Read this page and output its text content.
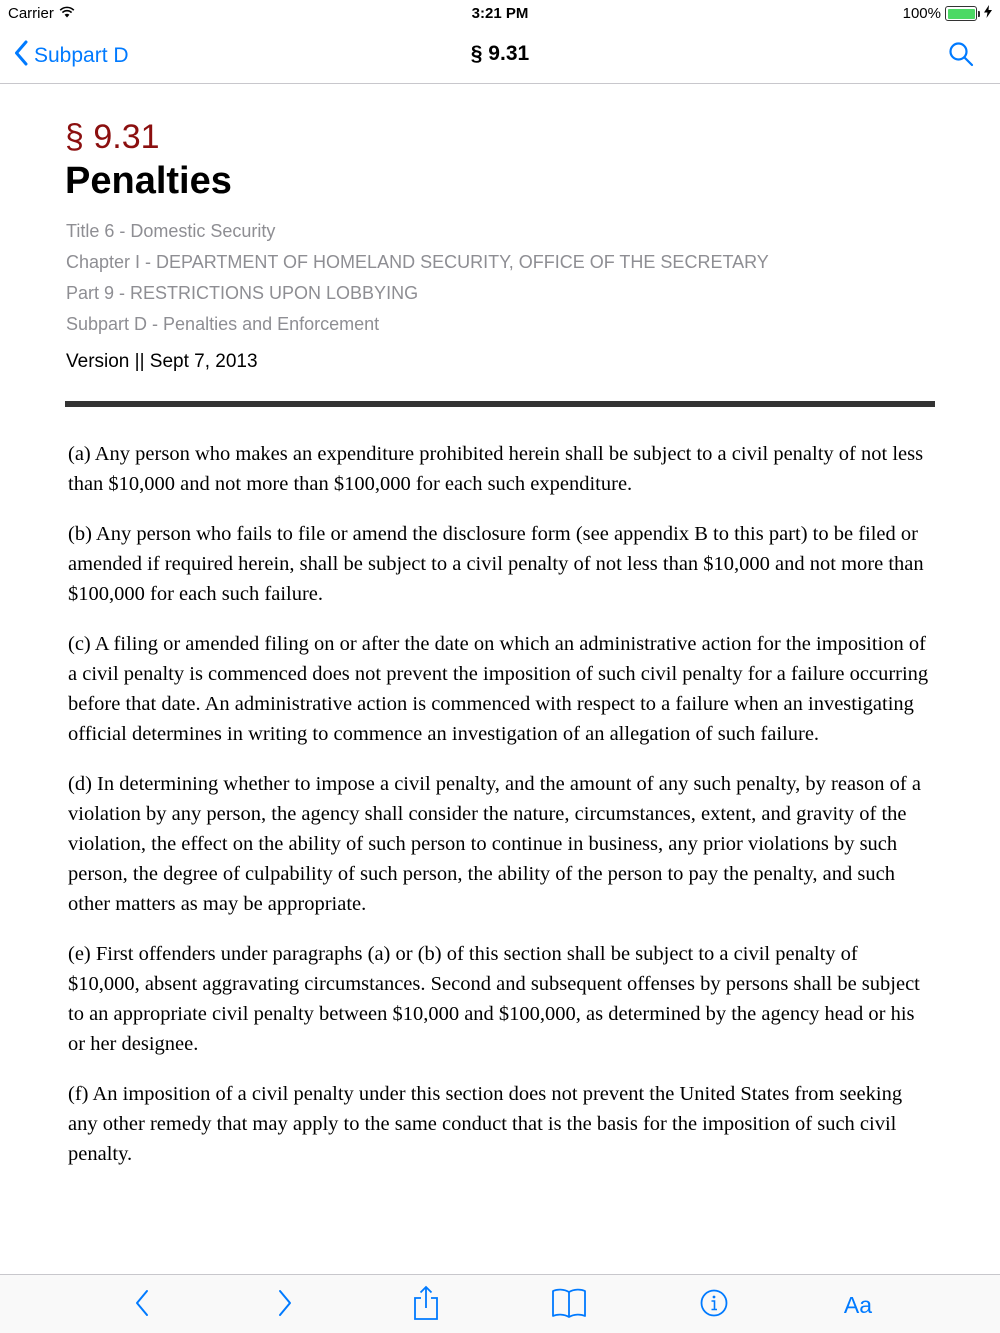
Carrier	3:21 PM	100%
Subpart D	§ 9.31
§ 9.31
Penalties
Title 6 - Domestic Security
Chapter I - DEPARTMENT OF HOMELAND SECURITY, OFFICE OF THE SECRETARY
Part 9 - RESTRICTIONS UPON LOBBYING
Subpart D - Penalties and Enforcement
Version || Sept 7, 2013

(a) Any person who makes an expenditure prohibited herein shall be subject to a civil penalty of not less than $10,000 and not more than $100,000 for each such expenditure.

(b) Any person who fails to file or amend the disclosure form (see appendix B to this part) to be filed or amended if required herein, shall be subject to a civil penalty of not less than $10,000 and not more than $100,000 for each such failure.

(c) A filing or amended filing on or after the date on which an administrative action for the imposition of a civil penalty is commenced does not prevent the imposition of such civil penalty for a failure occurring before that date. An administrative action is commenced with respect to a failure when an investigating official determines in writing to commence an investigation of an allegation of such failure.

(d) In determining whether to impose a civil penalty, and the amount of any such penalty, by reason of a violation by any person, the agency shall consider the nature, circumstances, extent, and gravity of the violation, the effect on the ability of such person to continue in business, any prior violations by such person, the degree of culpability of such person, the ability of the person to pay the penalty, and such other matters as may be appropriate.

(e) First offenders under paragraphs (a) or (b) of this section shall be subject to a civil penalty of $10,000, absent aggravating circumstances. Second and subsequent offenses by persons shall be subject to an appropriate civil penalty between $10,000 and $100,000, as determined by the agency head or his or her designee.

(f) An imposition of a civil penalty under this section does not prevent the United States from seeking any other remedy that may apply to the same conduct that is the basis for the imposition of such civil penalty.

Aa
